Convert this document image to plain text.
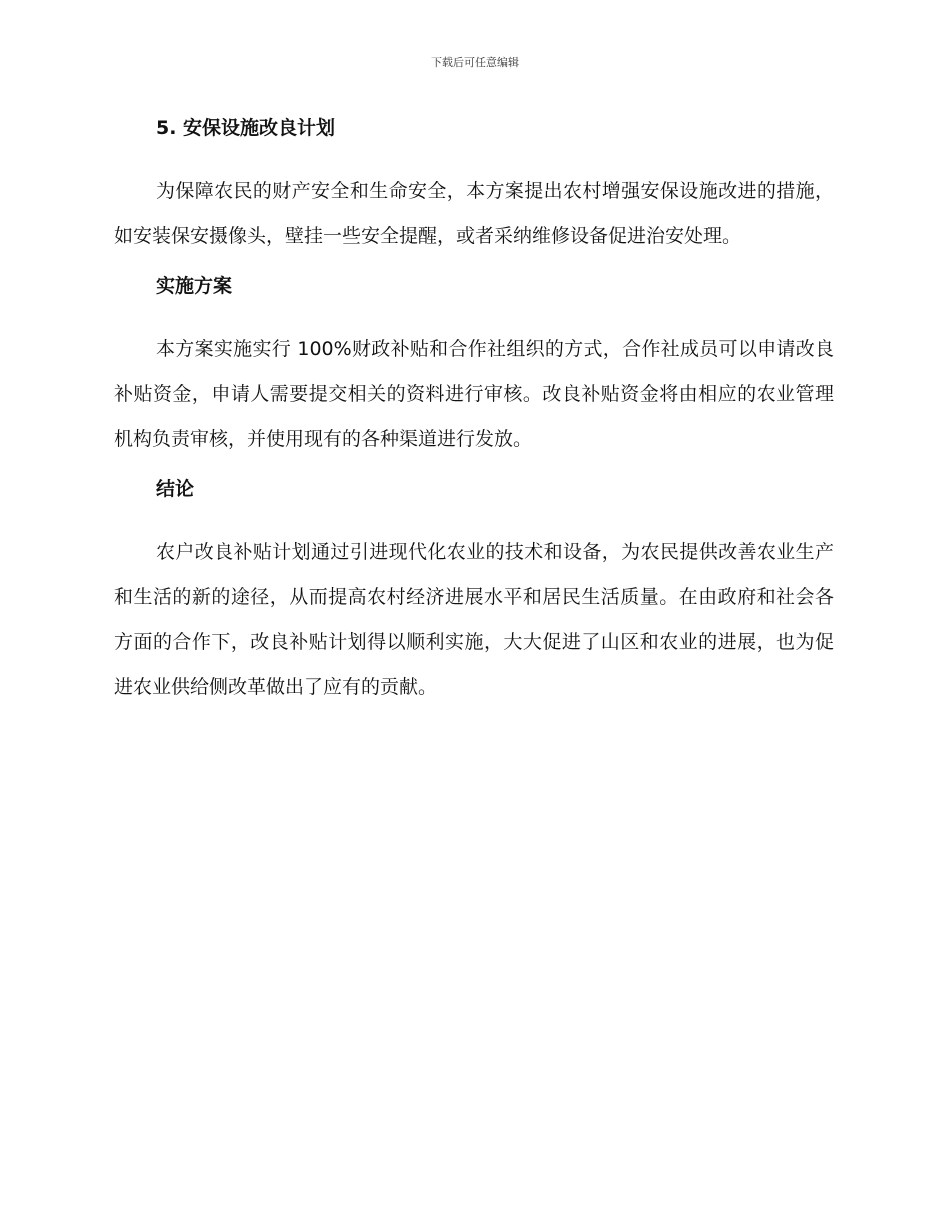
下载后可任意编辑
5. 安保设施改良计划

为保障农民的财产安全和生命安全，本方案提出农村增强安保设施改进的措施，如安装保安摄像头，壁挂一些安全提醒，或者采纳维修设备促进治安处理。

实施方案

本方案实施实行 100%财政补贴和合作社组织的方式，合作社成员可以申请改良补贴资金，申请人需要提交相关的资料进行审核。改良补贴资金将由相应的农业管理机构负责审核，并使用现有的各种渠道进行发放。

结论

农户改良补贴计划通过引进现代化农业的技术和设备，为农民提供改善农业生产和生活的新的途径，从而提高农村经济进展水平和居民生活质量。在由政府和社会各方面的合作下，改良补贴计划得以顺利实施，大大促进了山区和农业的进展，也为促进农业供给侧改革做出了应有的贡献。
